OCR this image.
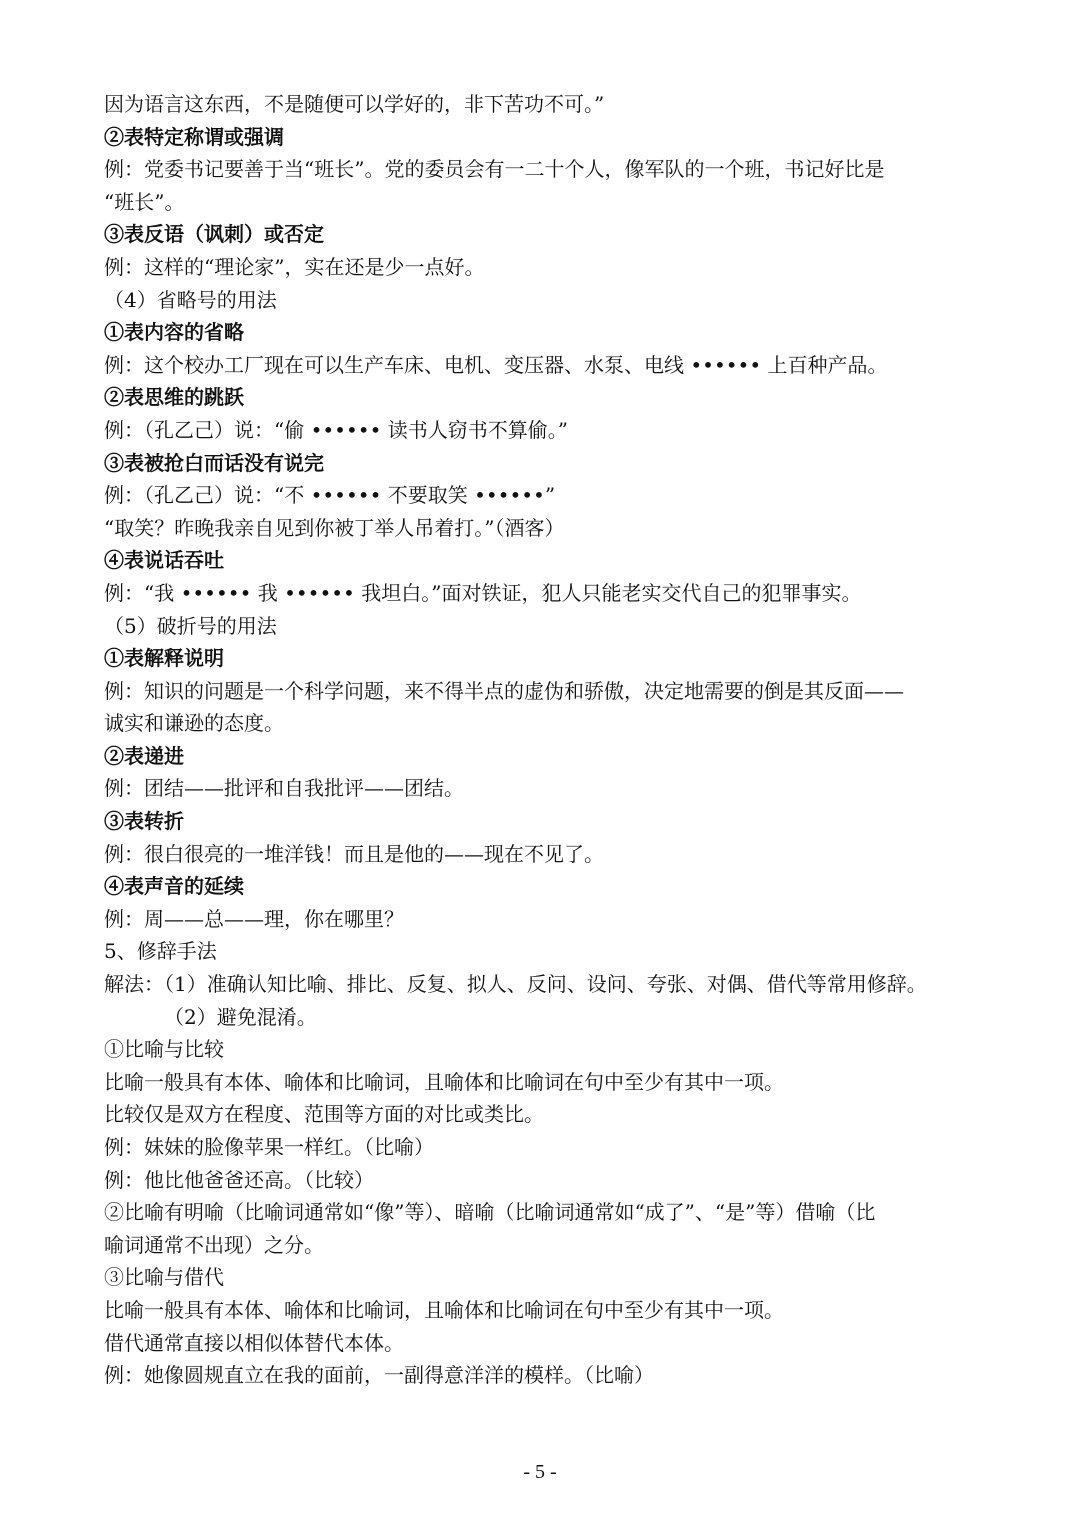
因为语言这东西，不是随便可以学好的，非下苦功不可。”
②表特定称谓或强调
例：党委书记要善于当“班长”。党的委员会有一二十个人，像军队的一个班，书记好比是
“班长”。
③表反语（讽刺）或否定
例：这样的“理论家”，实在还是少一点好。
（4）省略号的用法
①表内容的省略
例：这个校办工厂现在可以生产车床、电机、变压器、水泵、电线 •••••• 上百种产品。
②表思维的跳跃
例：（孔乙己）说：“偷 •••••• 读书人窃书不算偷。”
③表被抢白而话没有说完
例：（孔乙己）说：“不 •••••• 不要取笑 ••••••”
“取笑？昨晚我亲自见到你被丁举人吊着打。”（酒客）
④表说话吞吐
例：“我 •••••• 我 •••••• 我坦白。”面对铁证，犯人只能老实交代自己的犯罪事实。
（5）破折号的用法
①表解释说明
例：知识的问题是一个科学问题，来不得半点的虚伪和骄傲，决定地需要的倒是其反面——
诚实和谦逊的态度。
②表递进
例：团结——批评和自我批评——团结。
③表转折
例：很白很亮的一堆洋钱！而且是他的——现在不见了。
④表声音的延续
例：周——总——理，你在哪里？
5、修辞手法
解法：（1）准确认知比喻、排比、反复、拟人、反问、设问、夸张、对偶、借代等常用修辞。
（2）避免混淆。
①比喻与比较
比喻一般具有本体、喻体和比喻词，且喻体和比喻词在句中至少有其中一项。
比较仅是双方在程度、范围等方面的对比或类比。
例：妹妹的脸像苹果一样红。（比喻）
例：他比他爸爸还高。（比较）
②比喻有明喻（比喻词通常如“像”等）、暗喻（比喻词通常如“成了”、“是”等）借喻（比
喻词通常不出现）之分。
③比喻与借代
比喻一般具有本体、喻体和比喻词，且喻体和比喻词在句中至少有其中一项。
借代通常直接以相似体替代本体。
例：她像圆规直立在我的面前，一副得意洋洋的模样。（比喻）
- 5 -
